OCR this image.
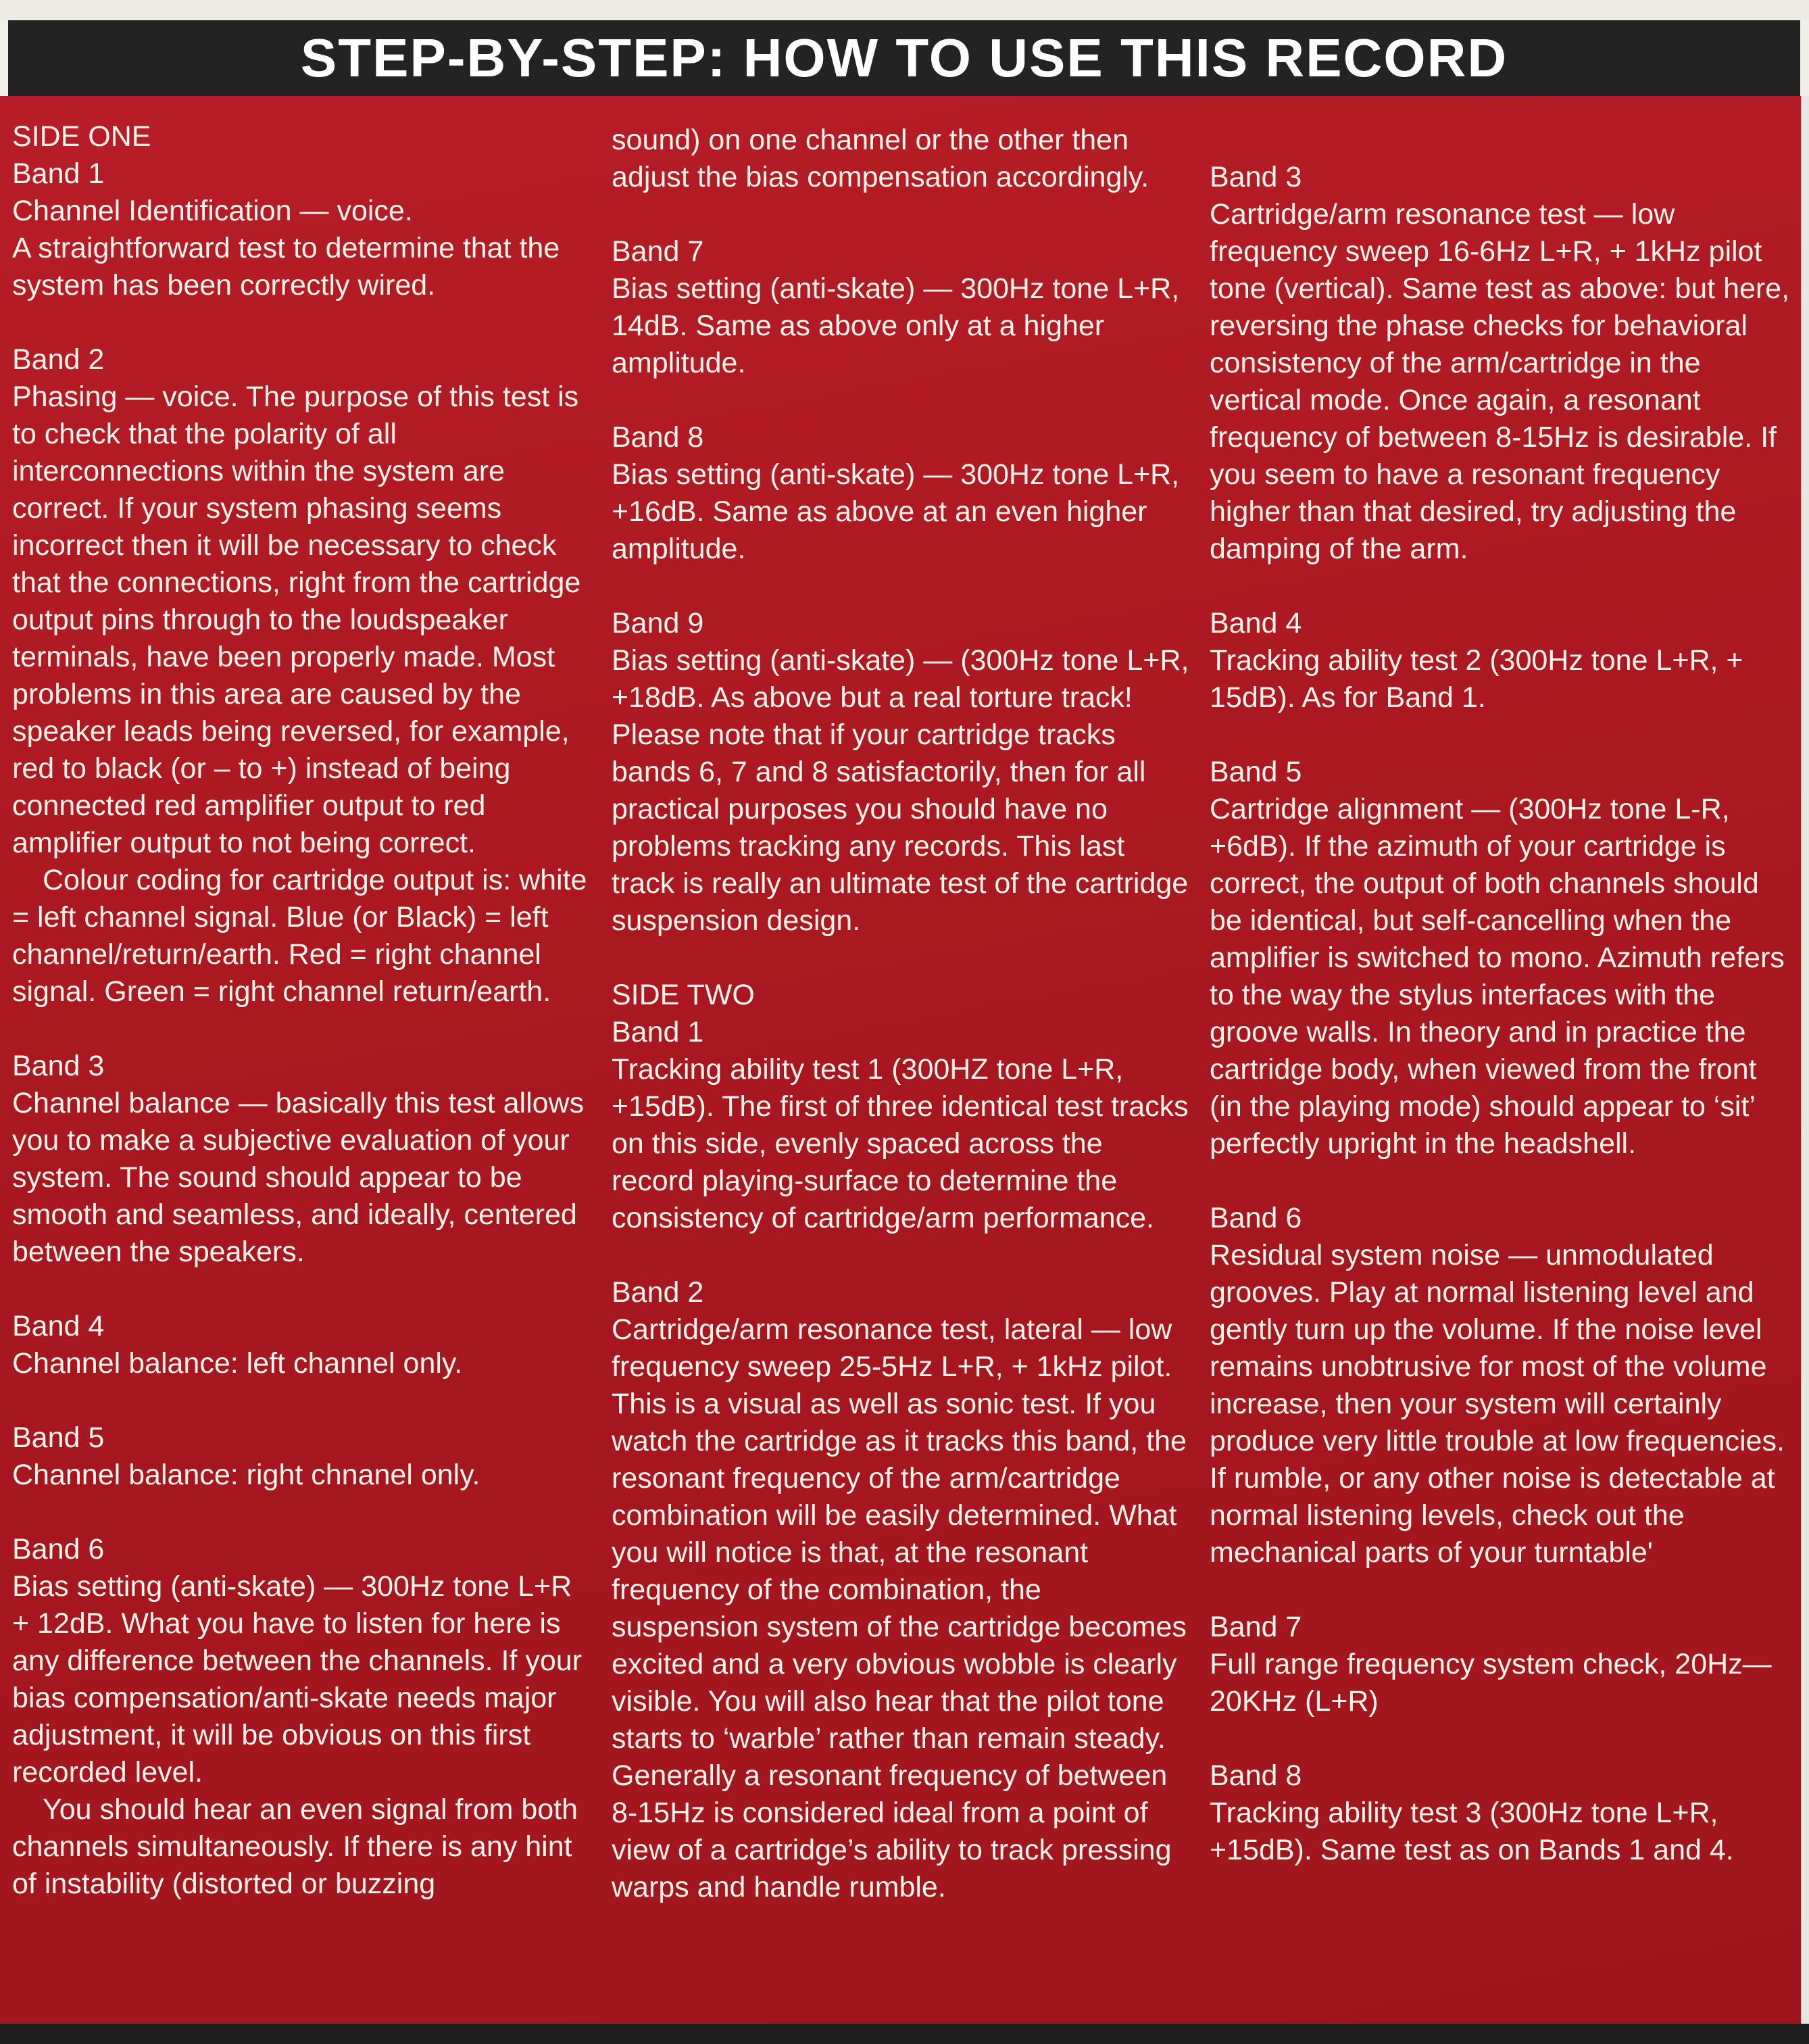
STEP-BY-STEP: HOW TO USE THIS RECORD

SIDE ONE

Band 1

Channel Identification — voice.

A straightforward test to determine that the system has been correctly wired.

Band 2

Phasing — voice. The purpose of this test is to check that the polarity of all interconnections within the system are correct. If your system phasing seems incorrect then it will be necessary to check that the connections, right from the cartridge output pins through to the loudspeaker terminals, have been properly made. Most problems in this area are caused by the speaker leads being reversed, for example, red to black (or – to +) instead of being connected red amplifier output to red amplifier output to not being correct.

Colour coding for cartridge output is: white = left channel signal. Blue (or Black) = left channel/return/earth. Red = right channel signal. Green = right channel return/earth.

Band 3

Channel balance — basically this test allows you to make a subjective evaluation of your system. The sound should appear to be smooth and seamless, and ideally, centered between the speakers.

Band 4

Channel balance: left channel only.

Band 5

Channel balance: right chnanel only.

Band 6

Bias setting (anti-skate) — 300Hz tone L+R + 12dB. What you have to listen for here is any difference between the channels. If your bias compensation/anti-skate needs major adjustment, it will be obvious on this first recorded level.

You should hear an even signal from both channels simultaneously. If there is any hint of instability (distorted or buzzing

sound) on one channel or the other then adjust the bias compensation accordingly.

Band 7

Bias setting (anti-skate) — 300Hz tone L+R, 14dB. Same as above only at a higher amplitude.

Band 8

Bias setting (anti-skate) — 300Hz tone L+R, +16dB. Same as above at an even higher amplitude.

Band 9

Bias setting (anti-skate) — (300Hz tone L+R, +18dB. As above but a real torture track! Please note that if your cartridge tracks bands 6, 7 and 8 satisfactorily, then for all practical purposes you should have no problems tracking any records. This last track is really an ultimate test of the cartridge suspension design.

SIDE TWO

Band 1

Tracking ability test 1 (300HZ tone L+R, +15dB). The first of three identical test tracks on this side, evenly spaced across the record playing-surface to determine the consistency of cartridge/arm performance.

Band 2

Cartridge/arm resonance test, lateral — low frequency sweep 25-5Hz L+R, + 1kHz pilot. This is a visual as well as sonic test. If you watch the cartridge as it tracks this band, the resonant frequency of the arm/cartridge combination will be easily determined. What you will notice is that, at the resonant frequency of the combination, the suspension system of the cartridge becomes excited and a very obvious wobble is clearly visible. You will also hear that the pilot tone starts to ‘warble’ rather than remain steady. Generally a resonant frequency of between 8-15Hz is considered ideal from a point of view of a cartridge’s ability to track pressing warps and handle rumble.

Band 3

Cartridge/arm resonance test — low frequency sweep 16-6Hz L+R, + 1kHz pilot tone (vertical). Same test as above: but here, reversing the phase checks for behavioral consistency of the arm/cartridge in the vertical mode. Once again, a resonant frequency of between 8-15Hz is desirable. If you seem to have a resonant frequency higher than that desired, try adjusting the damping of the arm.

Band 4

Tracking ability test 2 (300Hz tone L+R, + 15dB). As for Band 1.

Band 5

Cartridge alignment — (300Hz tone L-R, +6dB). If the azimuth of your cartridge is correct, the output of both channels should be identical, but self-cancelling when the amplifier is switched to mono. Azimuth refers to the way the stylus interfaces with the groove walls. In theory and in practice the cartridge body, when viewed from the front (in the playing mode) should appear to ‘sit’ perfectly upright in the headshell.

Band 6

Residual system noise — unmodulated grooves. Play at normal listening level and gently turn up the volume. If the noise level remains unobtrusive for most of the volume increase, then your system will certainly produce very little trouble at low frequencies. If rumble, or any other noise is detectable at normal listening levels, check out the mechanical parts of your turntable'

Band 7

Full range frequency system check, 20Hz—20KHz (L+R)

Band 8

Tracking ability test 3 (300Hz tone L+R, +15dB). Same test as on Bands 1 and 4.
